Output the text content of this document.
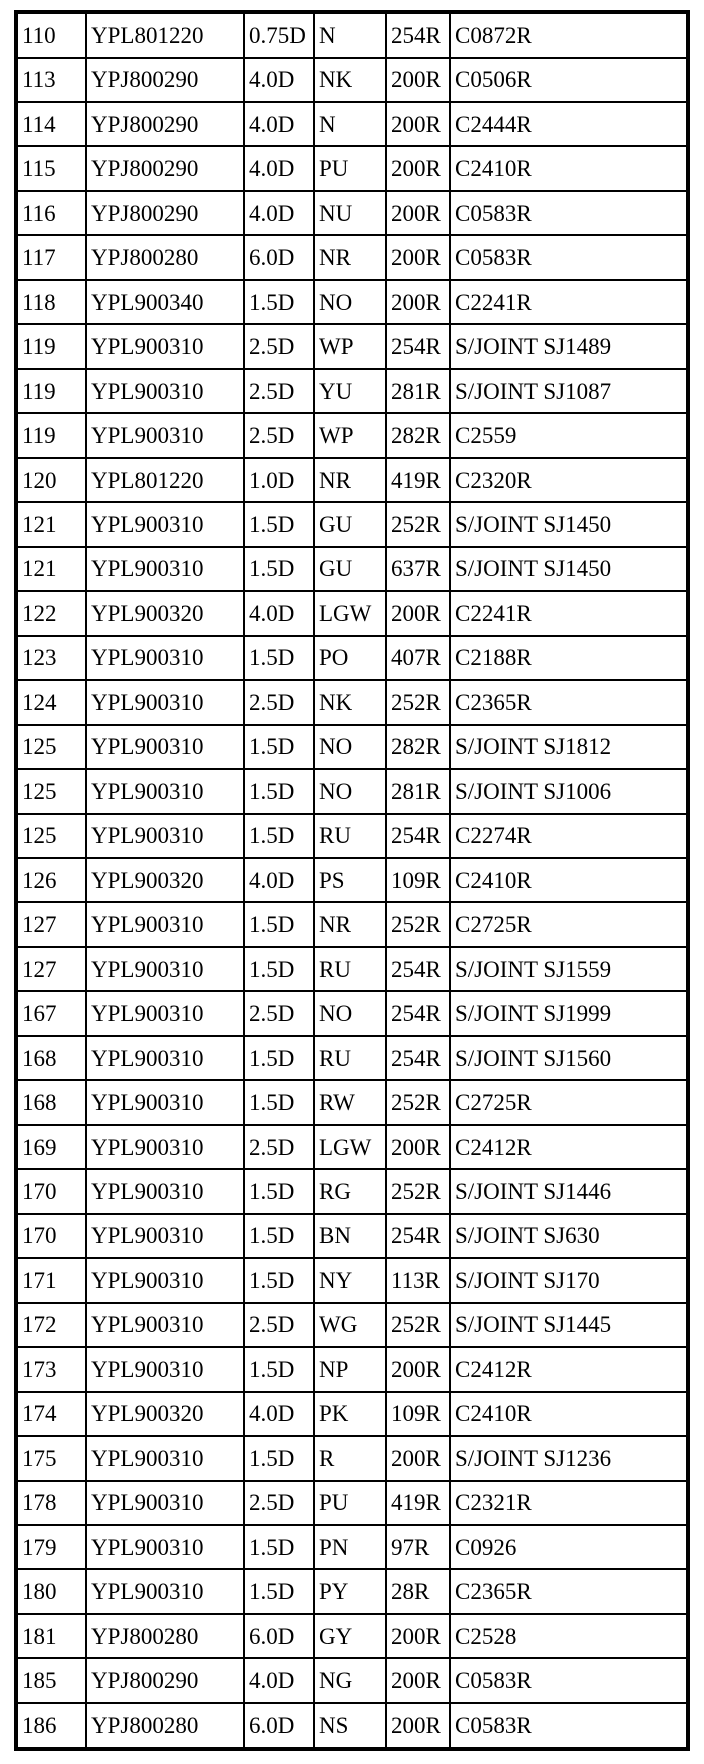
110	YPL801220	0.75D	N	254R	C0872R
113	YPJ800290	4.0D	NK	200R	C0506R
114	YPJ800290	4.0D	N	200R	C2444R
115	YPJ800290	4.0D	PU	200R	C2410R
116	YPJ800290	4.0D	NU	200R	C0583R
117	YPJ800280	6.0D	NR	200R	C0583R
118	YPL900340	1.5D	NO	200R	C2241R
119	YPL900310	2.5D	WP	254R	S/JOINT SJ1489
119	YPL900310	2.5D	YU	281R	S/JOINT SJ1087
119	YPL900310	2.5D	WP	282R	C2559
120	YPL801220	1.0D	NR	419R	C2320R
121	YPL900310	1.5D	GU	252R	S/JOINT SJ1450
121	YPL900310	1.5D	GU	637R	S/JOINT SJ1450
122	YPL900320	4.0D	LGW	200R	C2241R
123	YPL900310	1.5D	PO	407R	C2188R
124	YPL900310	2.5D	NK	252R	C2365R
125	YPL900310	1.5D	NO	282R	S/JOINT SJ1812
125	YPL900310	1.5D	NO	281R	S/JOINT SJ1006
125	YPL900310	1.5D	RU	254R	C2274R
126	YPL900320	4.0D	PS	109R	C2410R
127	YPL900310	1.5D	NR	252R	C2725R
127	YPL900310	1.5D	RU	254R	S/JOINT SJ1559
167	YPL900310	2.5D	NO	254R	S/JOINT SJ1999
168	YPL900310	1.5D	RU	254R	S/JOINT SJ1560
168	YPL900310	1.5D	RW	252R	C2725R
169	YPL900310	2.5D	LGW	200R	C2412R
170	YPL900310	1.5D	RG	252R	S/JOINT SJ1446
170	YPL900310	1.5D	BN	254R	S/JOINT SJ630
171	YPL900310	1.5D	NY	113R	S/JOINT SJ170
172	YPL900310	2.5D	WG	252R	S/JOINT SJ1445
173	YPL900310	1.5D	NP	200R	C2412R
174	YPL900320	4.0D	PK	109R	C2410R
175	YPL900310	1.5D	R	200R	S/JOINT SJ1236
178	YPL900310	2.5D	PU	419R	C2321R
179	YPL900310	1.5D	PN	97R	C0926
180	YPL900310	1.5D	PY	28R	C2365R
181	YPJ800280	6.0D	GY	200R	C2528
185	YPJ800290	4.0D	NG	200R	C0583R
186	YPJ800280	6.0D	NS	200R	C0583R
